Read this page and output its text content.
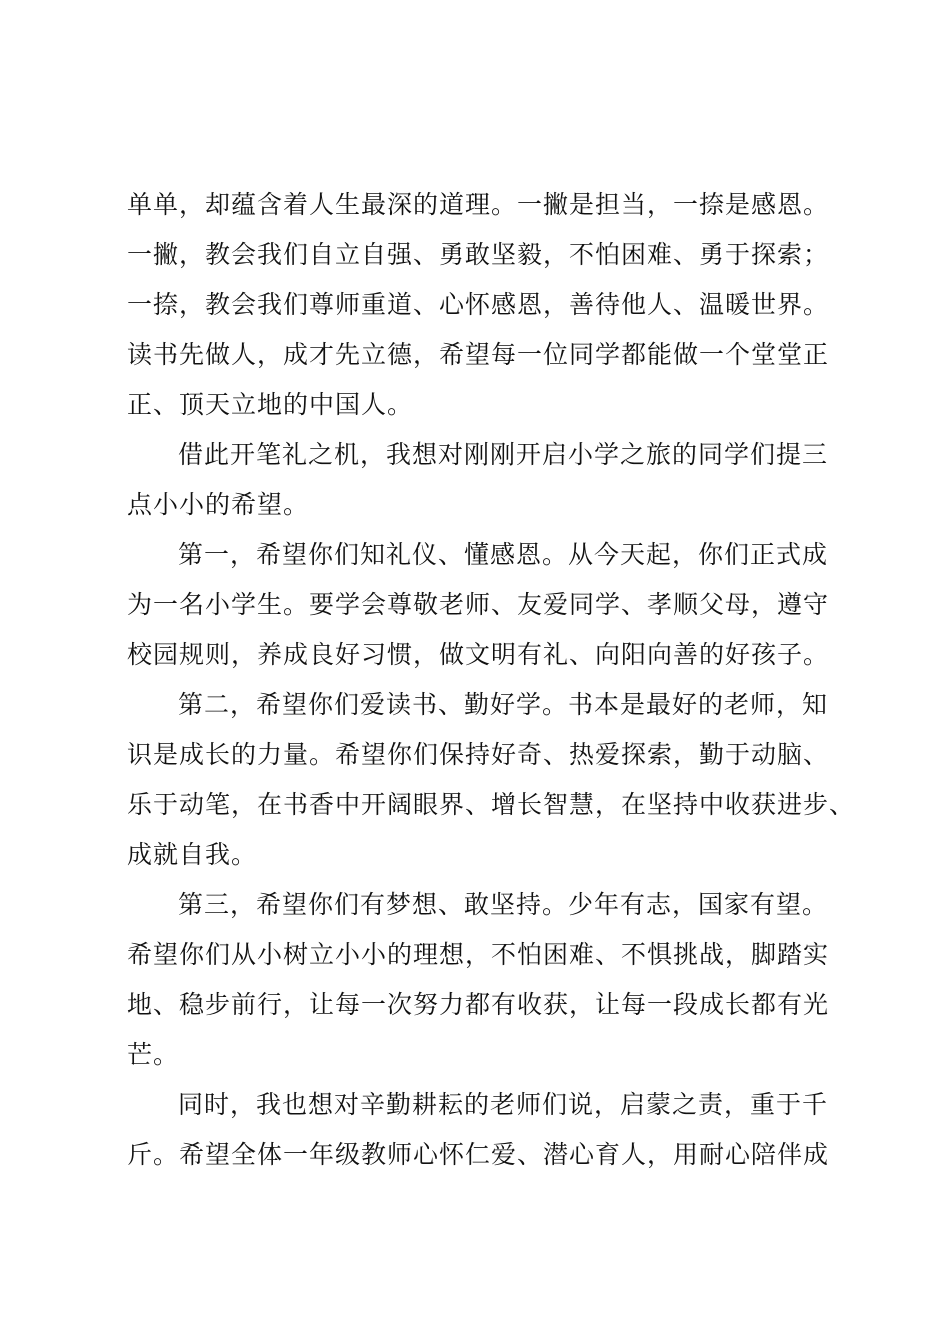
单单，却蕴含着人生最深的道理。一撇是担当，一捺是感恩。
一撇，教会我们自立自强、勇敢坚毅，不怕困难、勇于探索；
一捺，教会我们尊师重道、心怀感恩，善待他人、温暖世界。
读书先做人，成才先立德，希望每一位同学都能做一个堂堂正
正、顶天立地的中国人。
借此开笔礼之机，我想对刚刚开启小学之旅的同学们提三
点小小的希望。
第一，希望你们知礼仪、懂感恩。从今天起，你们正式成
为一名小学生。要学会尊敬老师、友爱同学、孝顺父母，遵守
校园规则，养成良好习惯，做文明有礼、向阳向善的好孩子。
第二，希望你们爱读书、勤好学。书本是最好的老师，知
识是成长的力量。希望你们保持好奇、热爱探索，勤于动脑、
乐于动笔，在书香中开阔眼界、增长智慧，在坚持中收获进步、
成就自我。
第三，希望你们有梦想、敢坚持。少年有志，国家有望。
希望你们从小树立小小的理想，不怕困难、不惧挑战，脚踏实
地、稳步前行，让每一次努力都有收获，让每一段成长都有光
芒。
同时，我也想对辛勤耕耘的老师们说，启蒙之责，重于千
斤。希望全体一年级教师心怀仁爱、潜心育人，用耐心陪伴成
